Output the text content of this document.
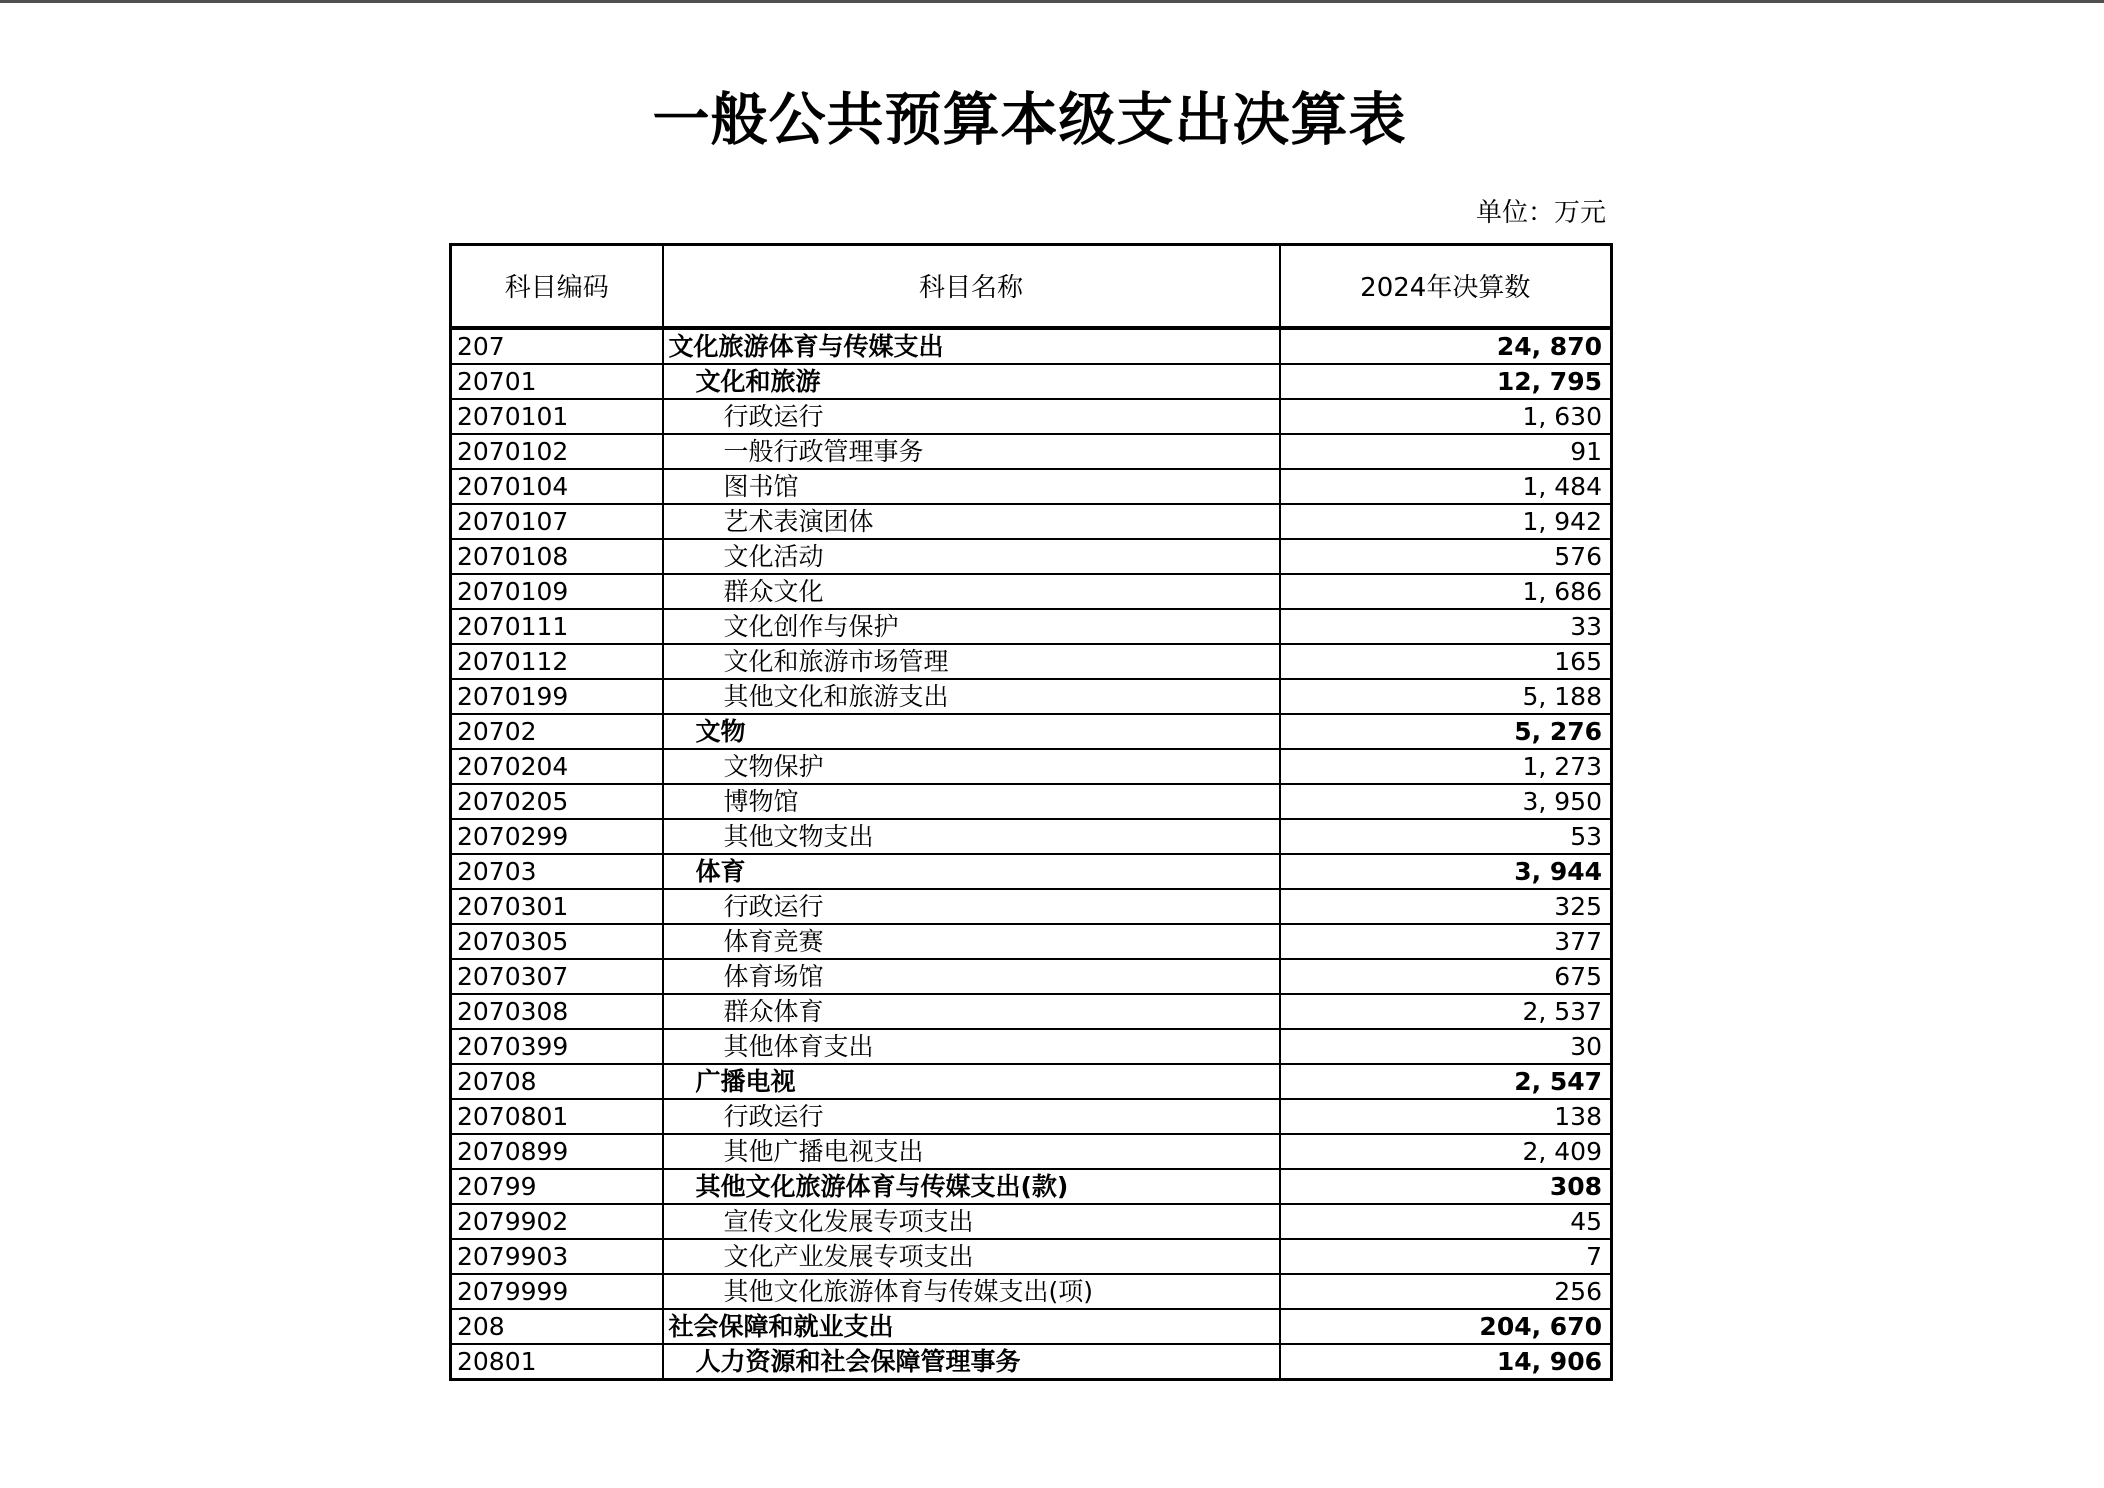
一般公共预算本级支出决算表
单位：万元
科目编码	科目名称	2024年决算数
207	文化旅游体育与传媒支出	24, 870
20701	文化和旅游	12, 795
2070101	行政运行	1, 630
2070102	一般行政管理事务	91
2070104	图书馆	1, 484
2070107	艺术表演团体	1, 942
2070108	文化活动	576
2070109	群众文化	1, 686
2070111	文化创作与保护	33
2070112	文化和旅游市场管理	165
2070199	其他文化和旅游支出	5, 188
20702	文物	5, 276
2070204	文物保护	1, 273
2070205	博物馆	3, 950
2070299	其他文物支出	53
20703	体育	3, 944
2070301	行政运行	325
2070305	体育竞赛	377
2070307	体育场馆	675
2070308	群众体育	2, 537
2070399	其他体育支出	30
20708	广播电视	2, 547
2070801	行政运行	138
2070899	其他广播电视支出	2, 409
20799	其他文化旅游体育与传媒支出(款)	308
2079902	宣传文化发展专项支出	45
2079903	文化产业发展专项支出	7
2079999	其他文化旅游体育与传媒支出(项)	256
208	社会保障和就业支出	204, 670
20801	人力资源和社会保障管理事务	14, 906
